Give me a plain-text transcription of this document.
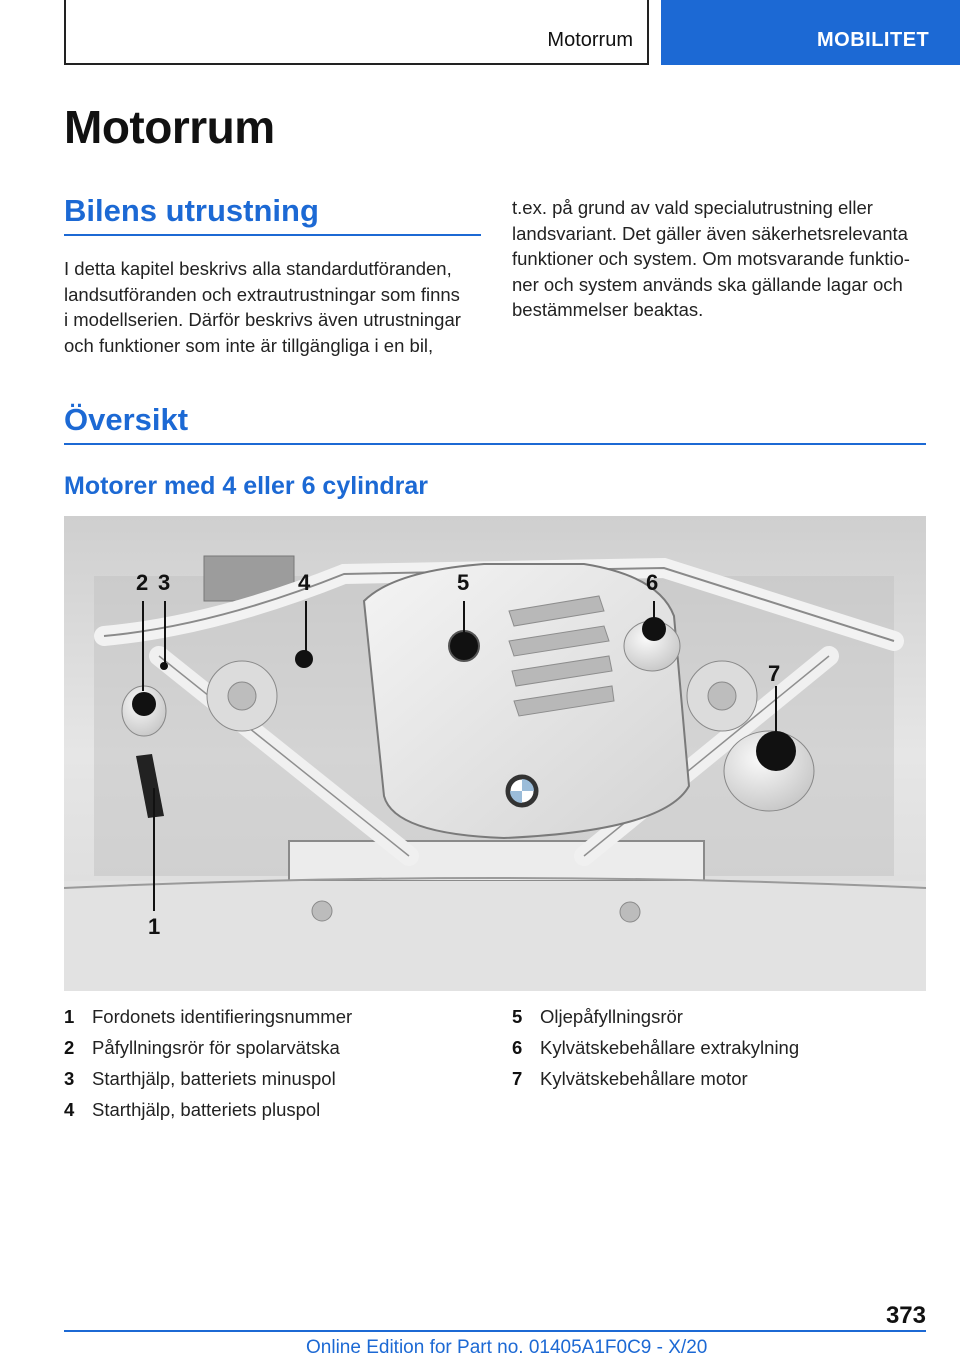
Motorrum	MOBILITET
Motorrum
Bilens utrustning
I detta kapitel beskrivs alla standardutföranden,
landsutföranden och extrautrustningar som finns
i modellserien. Därför beskrivs även utrustningar
och funktioner som inte är tillgängliga i en bil,
t.ex. på grund av vald specialutrustning eller
landsvariant. Det gäller även säkerhetsrelevanta
funktioner och system. Om motsvarande funktio-
ner och system används ska gällande lagar och
bestämmelser beaktas.
Översikt
Motorer med 4 eller 6 cylindrar
2 3	4	5	6
7
1
1 Fordonets identifieringsnummer
2 Påfyllningsrör för spolarvätska
3 Starthjälp, batteriets minuspol
4 Starthjälp, batteriets pluspol
5 Oljepåfyllningsrör
6 Kylvätskebehållare extrakylning
7 Kylvätskebehållare motor
373
Online Edition for Part no. 01405A1F0C9 - X/20
